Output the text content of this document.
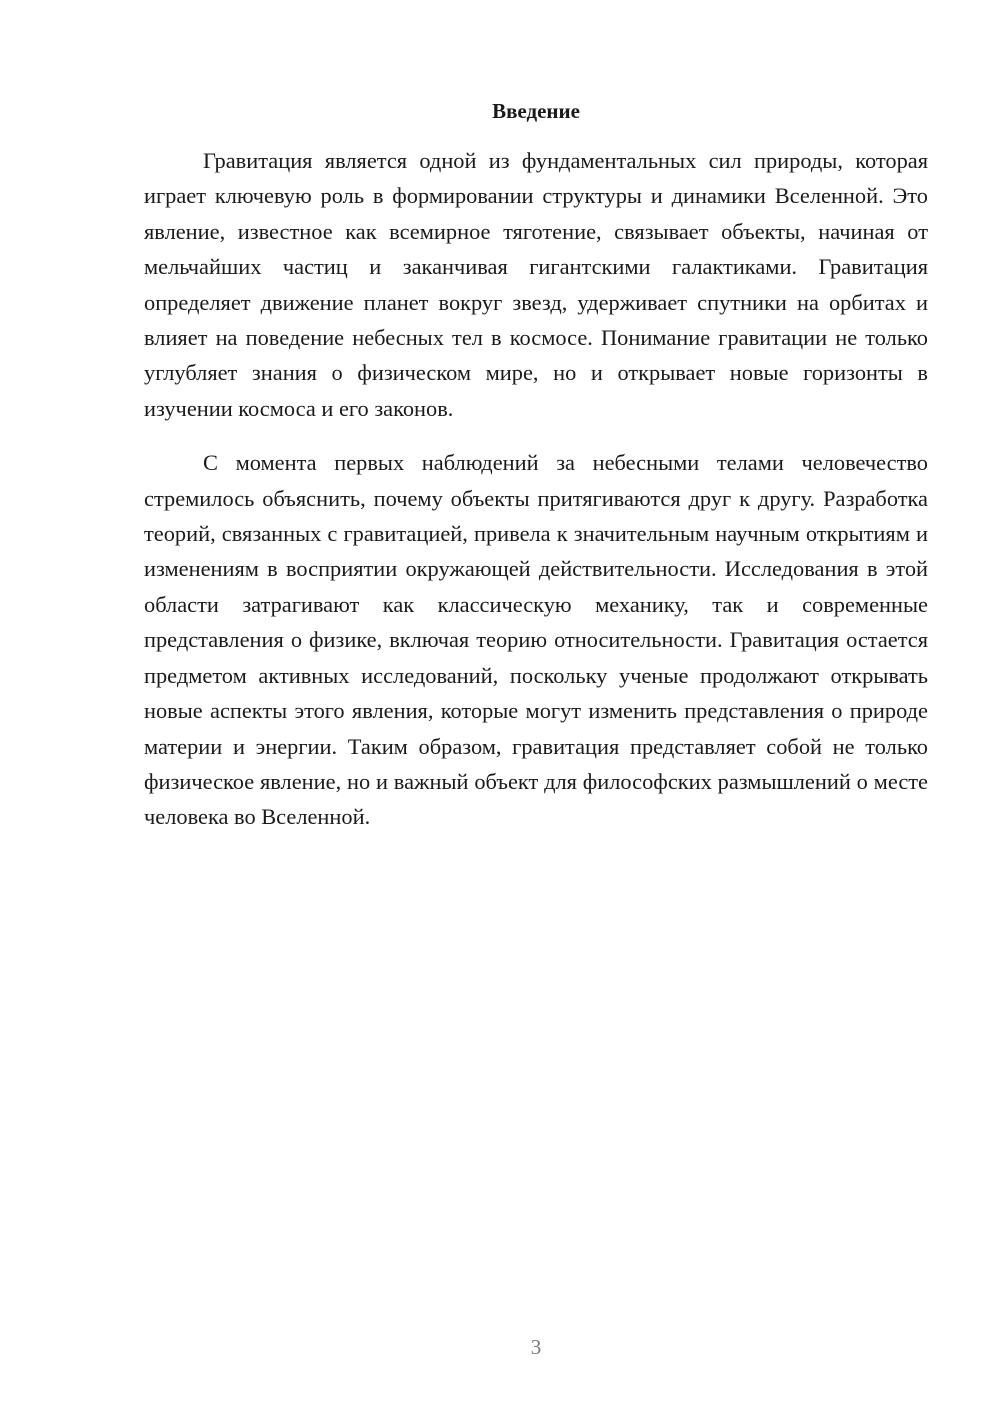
Введение

Гравитация является одной из фундаментальных сил природы, которая играет ключевую роль в формировании структуры и динамики Вселенной. Это явление, известное как всемирное тяготение, связывает объекты, начиная от мельчайших частиц и заканчивая гигантскими галактиками. Гравитация определяет движение планет вокруг звезд, удерживает спутники на орбитах и влияет на поведение небесных тел в космосе. Понимание гравитации не только углубляет знания о физическом мире, но и открывает новые горизонты в изучении космоса и его законов.

С момента первых наблюдений за небесными телами человечество стремилось объяснить, почему объекты притягиваются друг к другу. Разработка теорий, связанных с гравитацией, привела к значительным научным открытиям и изменениям в восприятии окружающей действительности. Исследования в этой области затрагивают как классическую механику, так и современные представления о физике, включая теорию относительности. Гравитация остается предметом активных исследований, поскольку ученые продолжают открывать новые аспекты этого явления, которые могут изменить представления о природе материи и энергии. Таким образом, гравитация представляет собой не только физическое явление, но и важный объект для философских размышлений о месте человека во Вселенной.

3
